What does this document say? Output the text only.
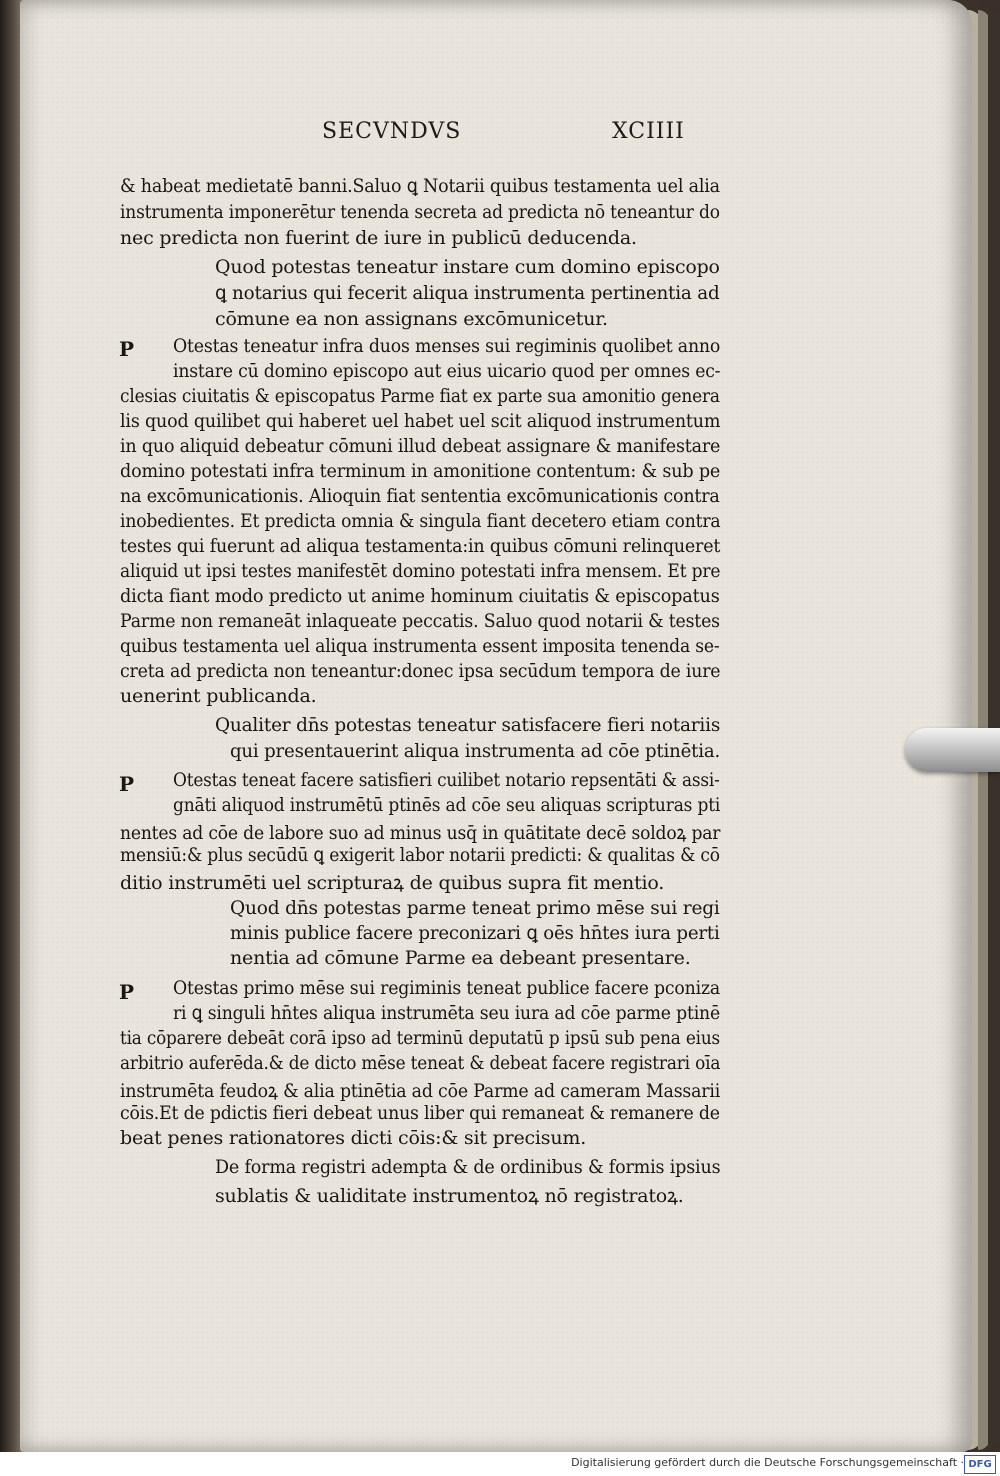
SECVNDVS	XCIIII
& habeat medietatē banni.Saluo ꝗ Notarii quibus testamenta uel alia
instrumenta imponerētur tenenda secreta ad predicta nō teneantur do
nec predicta non fuerint de iure in publicū deducenda.
Quod potestas teneatur instare cum domino episcopo
ꝗ notarius qui fecerit aliqua instrumenta pertinentia ad
cōmune ea non assignans excōmunicetur.
P Otestas teneatur infra duos menses sui regiminis quolibet anno
instare cū domino episcopo aut eius uicario quod per omnes ec-
clesias ciuitatis & episcopatus Parme fiat ex parte sua amonitio genera
lis quod quilibet qui haberet uel habet uel scit aliquod instrumentum
in quo aliquid debeatur cōmuni illud debeat assignare & manifestare
domino potestati infra terminum in amonitione contentum: & sub pe
na excōmunicationis. Alioquin fiat sententia excōmunicationis contra
inobedientes. Et predicta omnia & singula fiant decetero etiam contra
testes qui fuerunt ad aliqua testamenta:in quibus cōmuni relinqueret
aliquid ut ipsi testes manifestēt domino potestati infra mensem. Et pre
dicta fiant modo predicto ut anime hominum ciuitatis & episcopatus
Parme non remaneāt inlaqueate peccatis. Saluo quod notarii & testes
quibus testamenta uel aliqua instrumenta essent imposita tenenda se-
creta ad predicta non teneantur:donec ipsa secūdum tempora de iure
uenerint publicanda.
Qualiter dn̄s potestas teneatur satisfacere fieri notariis
qui presentauerint aliqua instrumenta ad cōe ptinētia.
P Otestas teneat facere satisfieri cuilibet notario repsentāti & assi-
gnāti aliquod instrumētū ptinēs ad cōe seu aliquas scripturas pti
nentes ad cōe de labore suo ad minus usq̄ in quātitate decē soldoꝝ par
mensiū:& plus secūdū ꝗ exigerit labor notarii predicti: & qualitas & cō
ditio instrumēti uel scripturaꝝ de quibus supra fit mentio.
Quod dn̄s potestas parme teneat primo mēse sui regi
minis publice facere preconizari ꝗ oēs hn̄tes iura perti
nentia ad cōmune Parme ea debeant presentare.
P Otestas primo mēse sui regiminis teneat publice facere pconiza
ri ꝗ singuli hn̄tes aliqua instrumēta seu iura ad cōe parme ptinē
tia cōparere debeāt corā ipso ad terminū deputatū p ipsū sub pena eius
arbitrio auferēda.& de dicto mēse teneat & debeat facere registrari oīa
instrumēta feudoꝝ & alia ptinētia ad cōe Parme ad cameram Massarii
cōis.Et de pdictis fieri debeat unus liber qui remaneat & remanere de
beat penes rationatores dicti cōis:& sit precisum.
De forma registri adempta & de ordinibus & formis ipsius
sublatis & ualiditate instrumentoꝝ nō registratoꝝ.
Digitalisierung gefördert durch die Deutsche Forschungsgemeinschaft · DFG
